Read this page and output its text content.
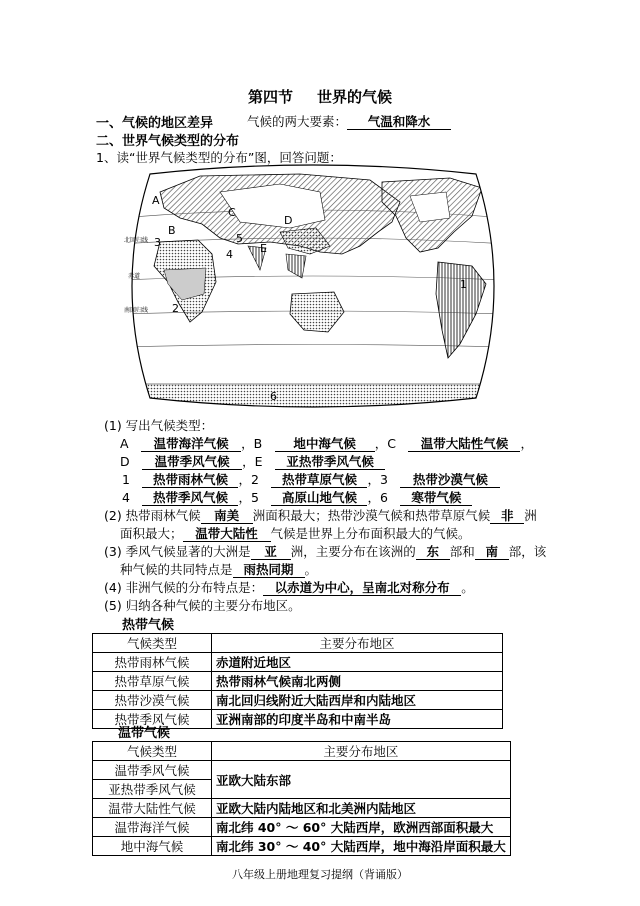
第四节 世界的气候
一、气候的地区差异	气候的两大要素： 气温和降水
二、世界气候类型的分布
1、读“世界气候类型的分布”图，回答问题：
A
B
C
D
E
1
2
3
4
5
6
北回归线
赤道
南回归线
(1) 写出气候类型：
A　 温带海洋气候 ，B　	地中海气候 ，C　 温带大陆性气候 ，
D　 温带季风气候 ，E　 亚热带季风气候
1　 热带雨林气候 ，2　 热带草原气候 ，3　 热带沙漠气候
4　 热带季风气候 ，5　 高原山地气候 ，6　 寒带气候
(2) 热带雨林气候 南美 洲面积最大；热带沙漠气候和热带草原气候 非 洲
面积最大； 温带大陆性 气候是世界上分布面积最大的气候。
(3) 季风气候显著的大洲是 亚 洲，主要分布在该洲的 东 部和 南 部，该
种气候的共同特点是 雨热同期 。
(4) 非洲气候的分布特点是： 以赤道为中心，呈南北对称分布 。
(5) 归纳各种气候的主要分布地区。
热带气候
气候类型	主要分布地区
热带雨林气候	赤道附近地区
热带草原气候	热带雨林气候南北两侧
热带沙漠气候	南北回归线附近大陆西岸和内陆地区
热带季风气候	亚洲南部的印度半岛和中南半岛
温带气候
气候类型	主要分布地区
温带季风气候	亚欧大陆东部
亚热带季风气候	
温带大陆性气候	亚欧大陆内陆地区和北美洲内陆地区
温带海洋气候	南北纬 40° ～ 60° 大陆西岸，欧洲西部面积最大
地中海气候	南北纬 30° ～ 40° 大陆西岸，地中海沿岸面积最大
八年级上册地理复习提纲（背诵版）
